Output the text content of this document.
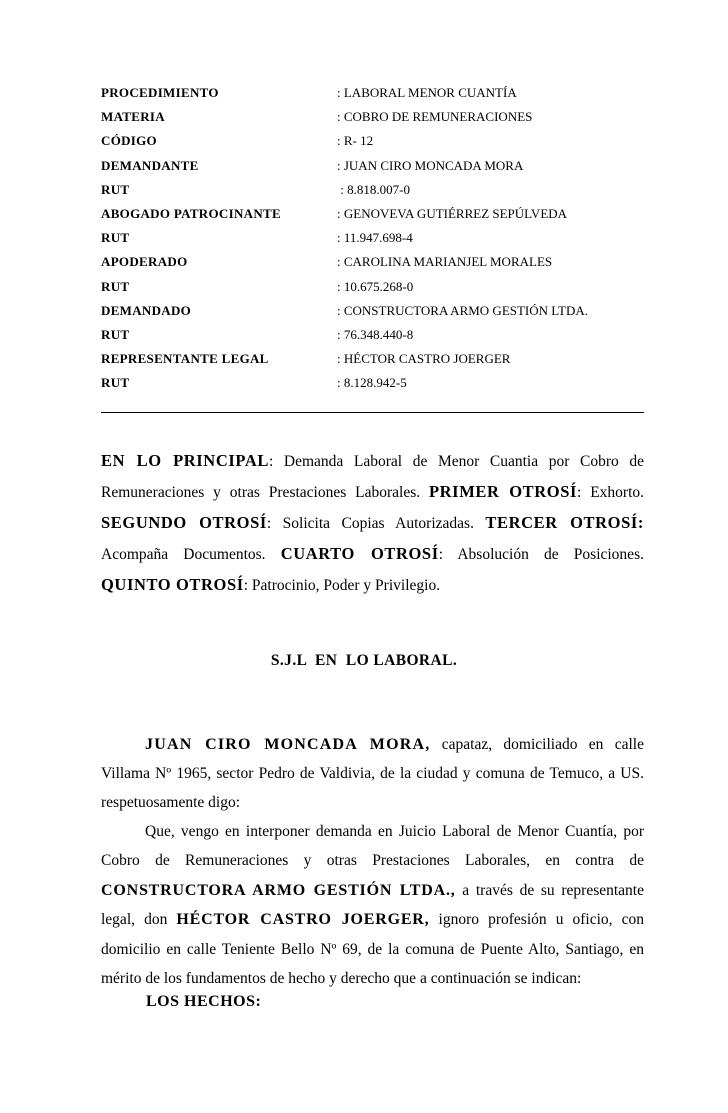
PROCEDIMIENTO	: LABORAL MENOR CUANTÍA
MATERIA	: COBRO DE REMUNERACIONES
CÓDIGO	: R- 12
DEMANDANTE	: JUAN CIRO MONCADA MORA
RUT	: 8.818.007-0
ABOGADO PATROCINANTE	: GENOVEVA GUTIÉRREZ SEPÚLVEDA
RUT	: 11.947.698-4
APODERADO	: CAROLINA MARIANJEL MORALES
RUT	: 10.675.268-0
DEMANDADO	: CONSTRUCTORA ARMO GESTIÓN LTDA.
RUT	: 76.348.440-8
REPRESENTANTE LEGAL	: HÉCTOR CASTRO JOERGER
RUT	: 8.128.942-5

EN LO PRINCIPAL: Demanda Laboral de Menor Cuantia por Cobro de Remuneraciones y otras Prestaciones Laborales. PRIMER OTROSÍ: Exhorto. SEGUNDO OTROSÍ: Solicita Copias Autorizadas. TERCER OTROSÍ: Acompaña Documentos. CUARTO OTROSÍ: Absolución de Posiciones. QUINTO OTROSÍ: Patrocinio, Poder y Privilegio.

S.J.L  EN  LO LABORAL.

JUAN CIRO MONCADA MORA, capataz, domiciliado en calle Villama Nº 1965, sector Pedro de Valdivia, de la ciudad y comuna de Temuco, a US. respetuosamente digo:

Que, vengo en interponer demanda en Juicio Laboral de Menor Cuantía, por Cobro de Remuneraciones y otras Prestaciones Laborales, en contra de CONSTRUCTORA ARMO GESTIÓN LTDA., a través de su representante legal, don HÉCTOR CASTRO JOERGER, ignoro profesión u oficio, con domicilio en calle Teniente Bello Nº 69, de la comuna de Puente Alto, Santiago, en mérito de los fundamentos de hecho y derecho que a continuación se indican:

LOS HECHOS:
